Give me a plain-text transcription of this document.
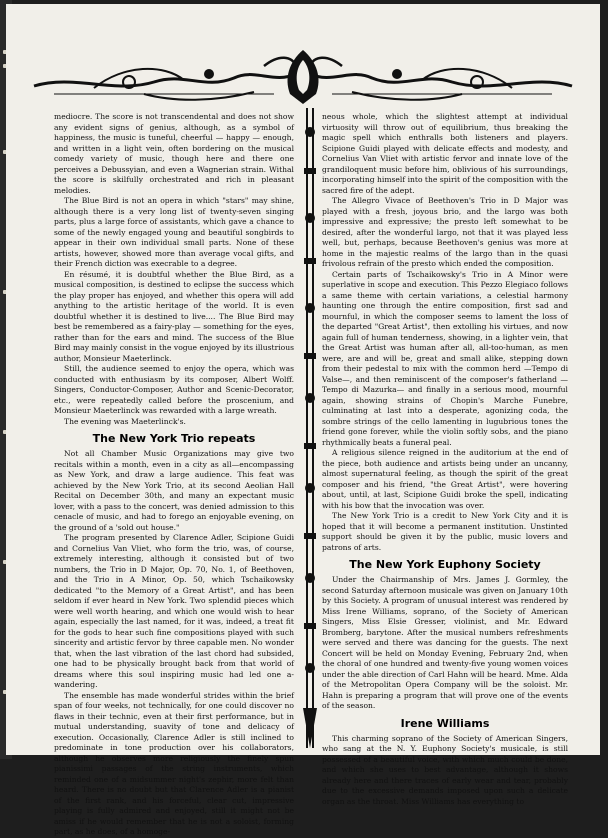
mediocre. The score is not transcendental and does not show any evident signs of genius, although, as a symbol of happiness, the music is tuneful, cheerful — happy — enough, and written in a light vein, often bordering on the musical comedy variety of music, though here and there one perceives a Debussyian, and even a Wagnerian strain. Withal the score is skilfully orchestrated and rich in pleasant melodies.

The Blue Bird is not an opera in which "stars" may shine, although there is a very long list of twenty-seven singing parts, plus a large force of assistants, which gave a chance to some of the newly engaged young and beautiful songbirds to appear in their own individual small parts. None of these artists, however, showed more than average vocal gifts, and their French diction was execrable to a degree.

En résumé, it is doubtful whether the Blue Bird, as a musical composition, is destined to eclipse the success which the play proper has enjoyed, and whether this opera will add anything to the artistic heritage of the world. It is even doubtful whether it is destined to live.... The Blue Bird may best be remembered as a fairy-play — something for the eyes, rather than for the ears and mind. The success of the Blue Bird may mainly consist in the vogue enjoyed by its illustrious author, Monsieur Maeterlinck.

Still, the audience seemed to enjoy the opera, which was conducted with enthusiasm by its composer, Albert Wolff. Singers, Conductor-Composer, Author and Scenic-Decorator, etc., were repeatedly called before the proscenium, and Monsieur Maeterlinck was rewarded with a large wreath.

The evening was Maeterlinck's.

The New York Trio repeats

Not all Chamber Music Organizations may give two recitals within a month, even in a city as all—encompassing as New York, and draw a large audience. This feat was achieved by the New York Trio, at its second Aeolian Hall Recital on December 30th, and many an expectant music lover, with a pass to the concert, was denied admission to this cenacle of music, and had to forego an enjoyable evening, on the ground of a 'sold out house."

The program presented by Clarence Adler, Scipione Guidi and Cornelius Van Vliet, who form the trio, was, of course, extremely interesting, although it consisted but of two numbers, the Trio in D Major, Op. 70, No. 1, of Beethoven, and the Trio in A Minor, Op. 50, which Tschaikowsky dedicated "to the Memory of a Great Artist", and has been seldom if ever heard in New York. Two splendid pieces which were well worth hearing, and which one would wish to hear again, especially the last named, for it was, indeed, a treat fit for the gods to hear such fine compositions played with such sincerity and artistic fervor by three capable men. No wonder that, when the last vibration of the last chord had subsided, one had to be physically brought back from that world of dreams where this soul inspiring music had led one a-wandering.

The ensemble has made wonderful strides within the brief span of four weeks, not technically, for one could discover no flaws in their technic, even at their first performance, but in mutual understanding, suavity of tone and delicacy of execution. Occasionally, Clarence Adler is still inclined to predominate in tone production over his collaborators, although he observes more religiously the finely spun pianissimi passages of the string instruments, which reminded one of a midsummer night's zephir, more felt than heard. There is no doubt but that Clarence Adler is a pianist of the first rank, and his forceful, clear cut, impressive playing is fully admired and enjoyed, still it might not be amiss if he would remember that he is not a soloist, forming part, as he does, of a homoge-

neous whole, which the slightest attempt at individual virtuosity will throw out of equilibrium, thus breaking the magic spell which enthralls both listeners and players. Scipione Guidi played with delicate effects and modesty, and Cornelius Van Vliet with artistic fervor and innate love of the grandiloquent music before him, oblivious of his surroundings, incorporating himself into the spirit of the composition with the sacred fire of the adept.

The Allegro Vivace of Beethoven's Trio in D Major was played with a fresh, joyous brio, and the largo was both impressive and expressive; the presto left somewhat to be desired, after the wonderful largo, not that it was played less well, but, perhaps, because Beethoven's genius was more at home in the majestic realms of the largo than in the quasi frivolous refrain of the presto which ended the composition.

Certain parts of Tschaikowsky's Trio in A Minor were superlative in scope and execution. This Pezzo Elegiaco follows a same theme with certain variations, a celestial harmony haunting one through the entire composition, first sad and mournful, in which the composer seems to lament the loss of the departed "Great Artist", then extolling his virtues, and now again full of human tenderness, showing, in a lighter vein, that the Great Artist was human after all, all-too-human, as men were, are and will be, great and small alike, stepping down from their pedestal to mix with the common herd —Tempo di Valse—, and then reminiscent of the composer's fatherland —Tempo di Mazurka— and finally in a serious mood, mournful again, showing strains of Chopin's Marche Funebre, culminating at last into a desperate, agonizing coda, the sombre strings of the cello lamenting in lugubrious tones the friend gone forever, while the violin softly sobs, and the piano rhythmically beats a funeral peal.

A religious silence reigned in the auditorium at the end of the piece, both audience and artists being under an uncanny, almost supernatural feeling, as though the spirit of the great composer and his friend, "the Great Artist", were hovering about, until, at last, Scipione Guidi broke the spell, indicating with his bow that the invocation was over.

The New York Trio is a credit to New York City and it is hoped that it will become a permanent institution. Unstinted support should be given it by the public, music lovers and patrons of arts.

The New York Euphony Society

Under the Chairmanship of Mrs. James J. Gormley, the second Saturday afternoon musicale was given on January 10th by this Society. A program of unusual interest was rendered by Miss Irene Williams, soprano, of the Society of American Singers, Miss Elsie Gresser, violinist, and Mr. Edward Bromberg, barytone. After the musical numbers refreshments were served and there was dancing for the guests. The next Concert will be held on Monday Evening, February 2nd, when the choral of one hundred and twenty-five young women voices under the able direction of Carl Hahn will be heard. Mme. Alda of the Metropolitan Opera Company will be the soloist. Mr. Hahn is preparing a program that will prove one of the events of the season.

Irene Williams

This charming soprano of the Society of American Singers, who sang at the N. Y. Euphony Society's musicale, is still possessed of a beautiful voice, with which much could be done, and which she uses to best advantage, although it shows already here and there traces of early wear and tear, probably due to the excessive demands imposed upon such a delicate organ as the throat. Miss Williams has everything to
